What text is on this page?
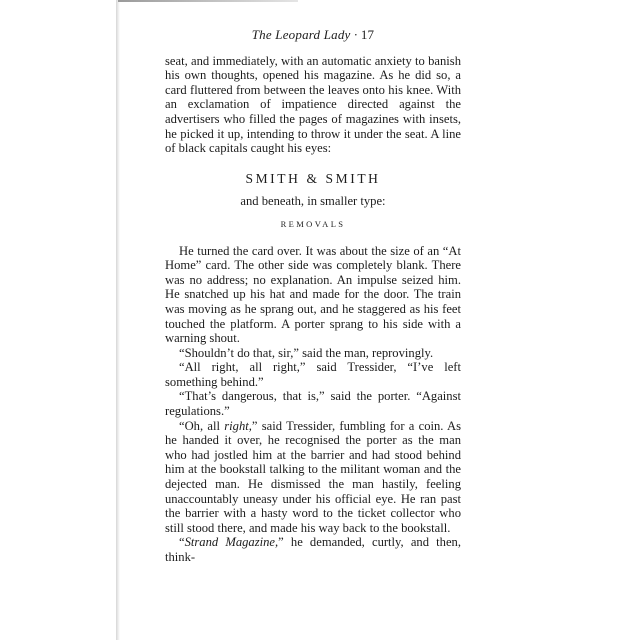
The Leopard Lady · 17

seat, and immediately, with an automatic anxiety to banish his own thoughts, opened his magazine. As he did so, a card fluttered from between the leaves onto his knee. With an exclamation of impatience directed against the advertisers who filled the pages of magazines with insets, he picked it up, intending to throw it under the seat. A line of black capitals caught his eyes:

SMITH & SMITH
and beneath, in smaller type:
REMOVALS

He turned the card over. It was about the size of an “At Home” card. The other side was completely blank. There was no address; no explanation. An impulse seized him. He snatched up his hat and made for the door. The train was moving as he sprang out, and he staggered as his feet touched the platform. A porter sprang to his side with a warning shout.

“Shouldn’t do that, sir,” said the man, reprovingly.

“All right, all right,” said Tressider, “I’ve left something behind.”

“That’s dangerous, that is,” said the porter. “Against regulations.”

“Oh, all right,” said Tressider, fumbling for a coin. As he handed it over, he recognised the porter as the man who had jostled him at the barrier and had stood behind him at the bookstall talking to the militant woman and the dejected man. He dismissed the man hastily, feeling unaccountably uneasy under his official eye. He ran past the barrier with a hasty word to the ticket collector who still stood there, and made his way back to the bookstall.

“Strand Magazine,” he demanded, curtly, and then, think-
